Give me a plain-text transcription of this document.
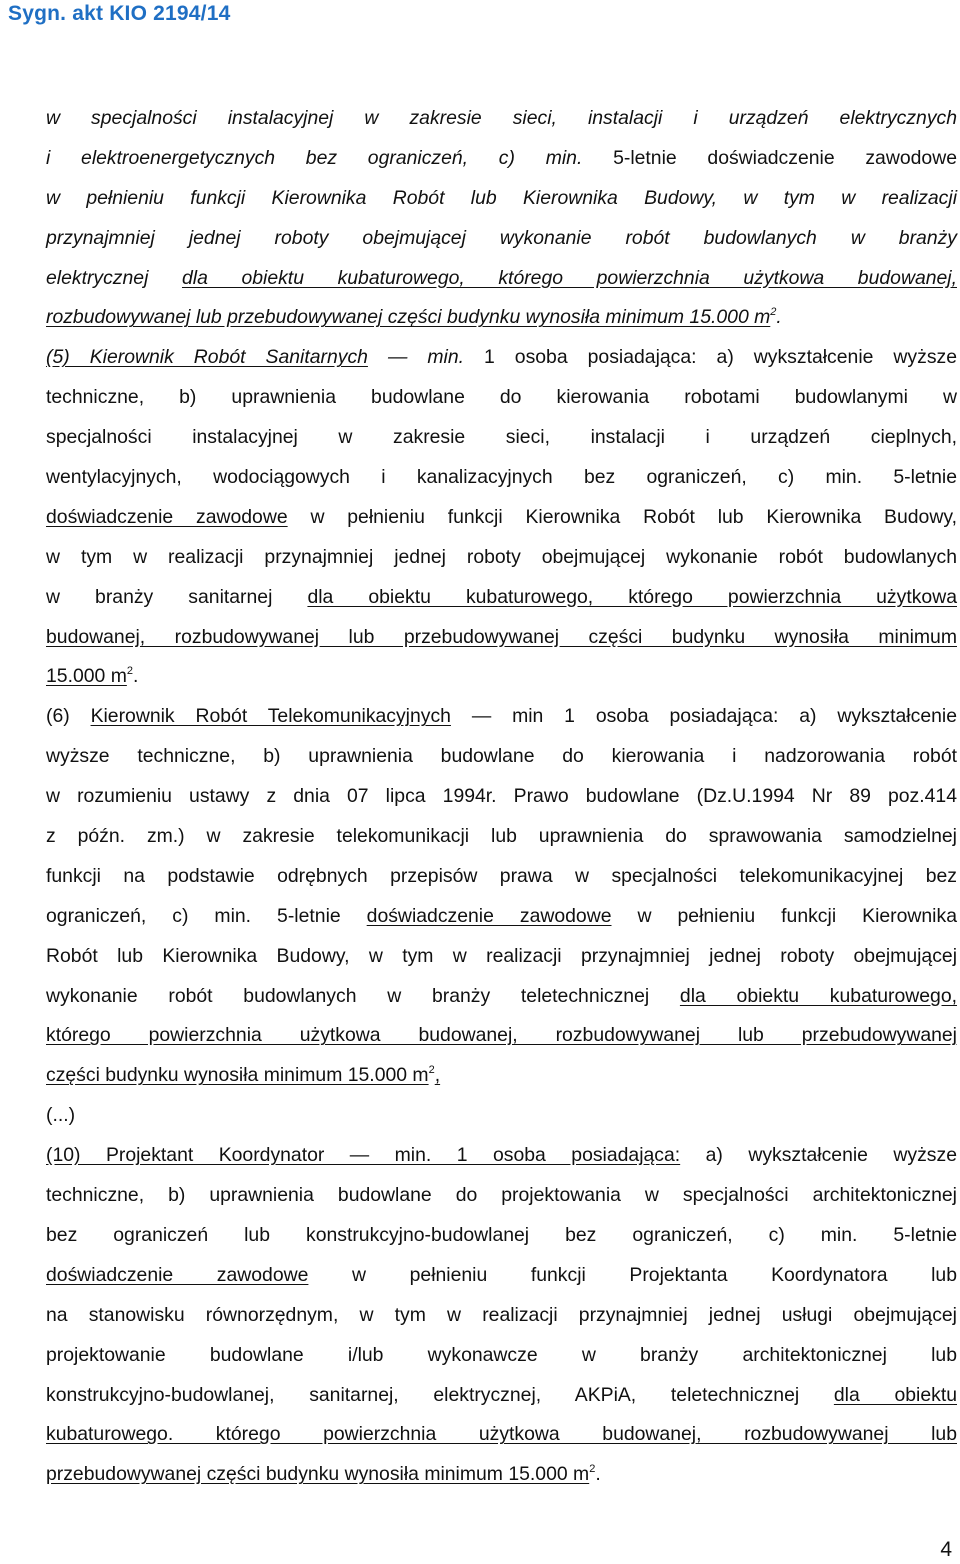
Sygn. akt KIO 2194/14
w specjalności instalacyjnej w zakresie sieci, instalacji i urządzeń elektrycznych
i elektroenergetycznych bez ograniczeń, c) min. 5-letnie doświadczenie zawodowe
w pełnieniu funkcji Kierownika Robót lub Kierownika Budowy, w tym w realizacji
przynajmniej jednej roboty obejmującej wykonanie robót budowlanych w branży
elektrycznej dla obiektu kubaturowego, którego powierzchnia użytkowa budowanej,
rozbudowywanej lub przebudowywanej części budynku wynosiła minimum 15.000 $m^2$.
(5) Kierownik Robót Sanitarnych — min. 1 osoba posiadająca: a) wykształcenie wyższe
techniczne, b) uprawnienia budowlane do kierowania robotami budowlanymi w
specjalności instalacyjnej w zakresie sieci, instalacji i urządzeń cieplnych,
wentylacyjnych, wodociągowych i kanalizacyjnych bez ograniczeń, c) min. 5-letnie
doświadczenie zawodowe w pełnieniu funkcji Kierownika Robót lub Kierownika Budowy,
w tym w realizacji przynajmniej jednej roboty obejmującej wykonanie robót budowlanych
w branży sanitarnej dla obiektu kubaturowego, którego powierzchnia użytkowa
budowanej, rozbudowywanej lub przebudowywanej części budynku wynosiła minimum
15.000 $m^2$.
(6) Kierownik Robót Telekomunikacyjnych — min 1 osoba posiadająca: a) wykształcenie
wyższe techniczne, b) uprawnienia budowlane do kierowania i nadzorowania robót
w rozumieniu ustawy z dnia 07 lipca 1994r. Prawo budowlane (Dz.U.1994 Nr 89 poz.414
z późn. zm.) w zakresie telekomunikacji lub uprawnienia do sprawowania samodzielnej
funkcji na podstawie odrębnych przepisów prawa w specjalności telekomunikacyjnej bez
ograniczeń, c) min. 5-letnie doświadczenie zawodowe w pełnieniu funkcji Kierownika
Robót lub Kierownika Budowy, w tym w realizacji przynajmniej jednej roboty obejmującej
wykonanie robót budowlanych w branży teletechnicznej dla obiektu kubaturowego,
którego powierzchnia użytkowa budowanej, rozbudowywanej lub przebudowywanej
części budynku wynosiła minimum 15.000 $m^2$,
(...)
(10) Projektant Koordynator — min. 1 osoba posiadająca: a) wykształcenie wyższe
techniczne, b) uprawnienia budowlane do projektowania w specjalności architektonicznej
bez ograniczeń lub konstrukcyjno-budowlanej bez ograniczeń, c) min. 5-letnie
doświadczenie zawodowe w pełnieniu funkcji Projektanta Koordynatora lub
na stanowisku równorzędnym, w tym w realizacji przynajmniej jednej usługi obejmującej
projektowanie budowlane i/lub wykonawcze w branży architektonicznej lub
konstrukcyjno-budowlanej, sanitarnej, elektrycznej, AKPiA, teletechnicznej dla obiektu
kubaturowego. którego powierzchnia użytkowa budowanej, rozbudowywanej lub
przebudowywanej części budynku wynosiła minimum 15.000 $m^2$.
4
